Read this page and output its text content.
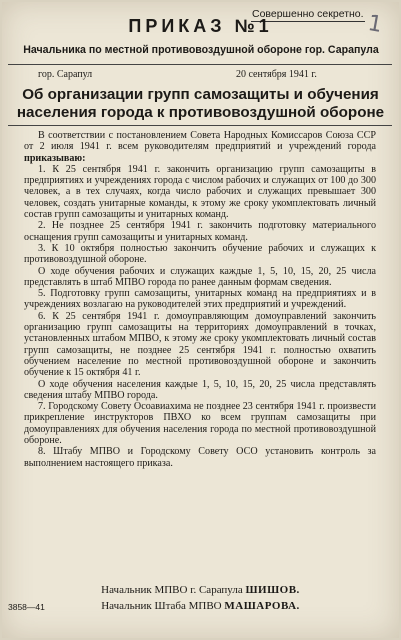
Совершенно секретно. 1
ПРИКАЗ №1
Начальника по местной противовоздушной обороне гор. Сарапула
гор. Сарапул	20 сентября 1941 г.
Об организации групп самозащиты и обучения
населения города к противовоздушной обороне

В соответствии с постановлением Совета Народных Комиссаров Союза ССР от 2 июля 1941 г. всем руководителям предприятий и учреждений города приказываю:

1. К 25 сентября 1941 г. закончить организацию групп самозащиты в предприятиях и учреждениях города с числом рабочих и служащих от 100 до 300 человек, а в тех случаях, когда число рабочих и служащих превышает 300 человек, создать унитарные команды, к этому же сроку укомплектовать личный состав групп самозащиты и унитарных команд.

2. Не позднее 25 сентября 1941 г. закончить подготовку материального оснащения групп самозащиты и унитарных команд.

3. К 10 октября полностью закончить обучение рабочих и служащих к противовоздушной обороне.

О ходе обучения рабочих и служащих каждые 1, 5, 10, 15, 20, 25 числа представлять в штаб МПВО города по ранее данным формам сведения.

5. Подготовку групп самозащиты, унитарных команд на предприятиях и в учреждениях возлагаю на руководителей этих предприятий и учреждений.

6. К 25 сентября 1941 г. домоуправляющим домоуправлений закончить организацию групп самозащиты на территориях домоуправлений в точках, установленных штабом МПВО, к этому же сроку укомплектовать личный состав групп самозащиты, не позднее 25 сентября 1941 г. полностью охватить обучением население по местной противовоздушной обороне и закончить обучение к 15 октября 41 г.

О ходе обучения населения каждые 1, 5, 10, 15, 20, 25 числа представлять сведения штабу МПВО города.

7. Городскому Совету Осоавиахима не позднее 23 сентября 1941 г. произвести прикрепление инструкторов ПВХО ко всем группам самозащиты при домоуправлениях для обучения населения города по местной противовоздушной обороне.

8. Штабу МПВО и Городскому Совету ОСО установить контроль за выполнением настоящего приказа.

Начальник МПВО г. Сарапула ШИШОВ.
3858—41	Начальник Штаба МПВО МАШАРОВА.
